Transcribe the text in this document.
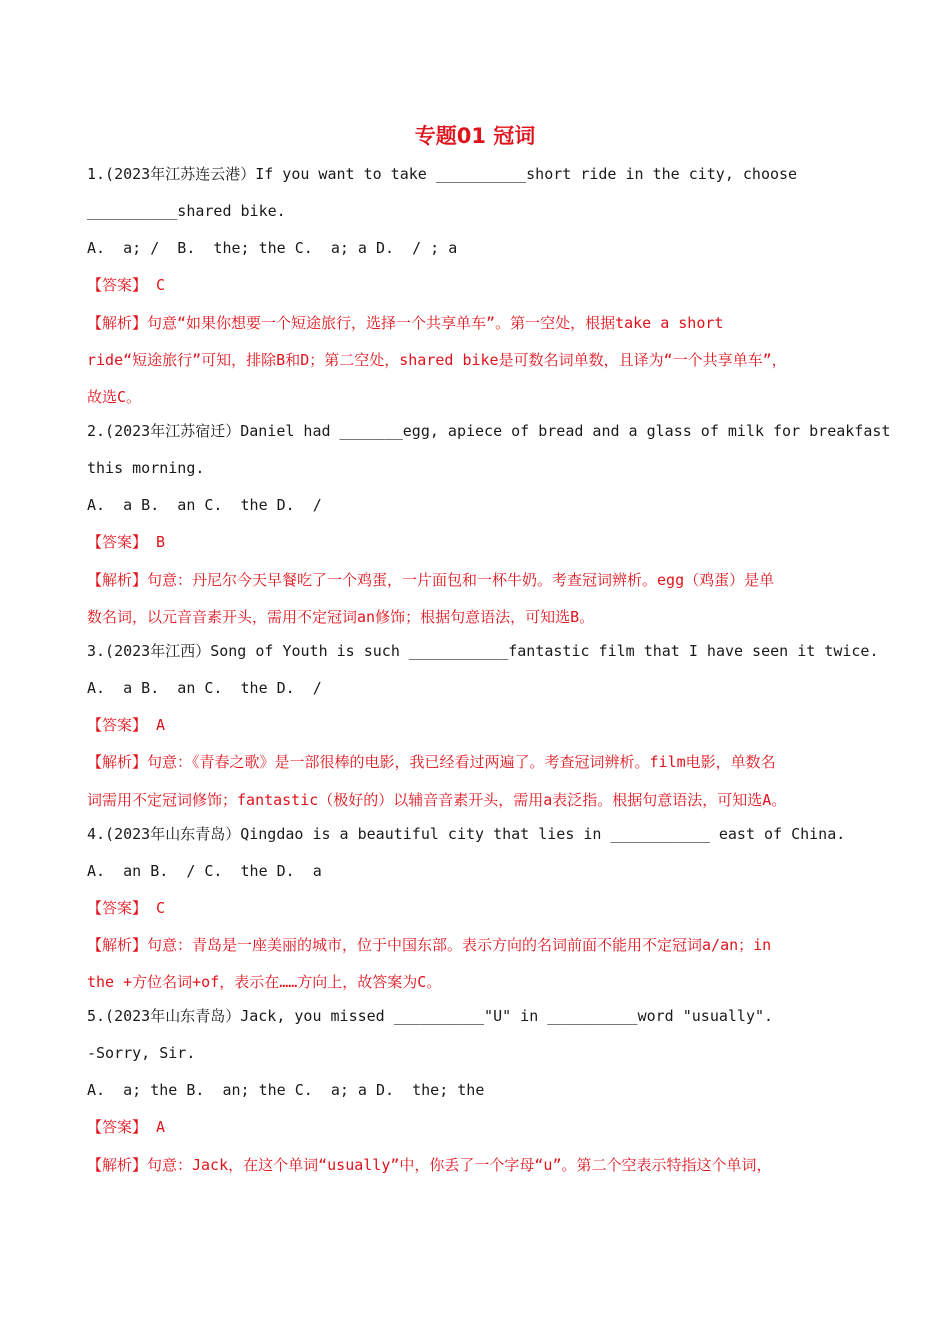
专题01 冠词
1.(2023年江苏连云港）If you want to take __________short ride in the city, choose
__________shared bike.
A.  a; /  B.  the; the C.  a; a D.  / ; a
【答案】 C
【解析】句意“如果你想要一个短途旅行，选择一个共享单车”。第一空处，根据take a short
ride“短途旅行”可知，排除B和D；第二空处，shared bike是可数名词单数，且译为“一个共享单车”，
故选C。
2.(2023年江苏宿迁）Daniel had _______egg, apiece of bread and a glass of milk for breakfast
this morning.
A.  a B.  an C.  the D.  /
【答案】 B
【解析】句意：丹尼尔今天早餐吃了一个鸡蛋，一片面包和一杯牛奶。考查冠词辨析。egg（鸡蛋）是单
数名词，以元音音素开头，需用不定冠词an修饰；根据句意语法，可知选B。
3.(2023年江西）Song of Youth is such ___________fantastic film that I have seen it twice.
A.  a B.  an C.  the D.  /
【答案】 A
【解析】句意：《青春之歌》是一部很棒的电影，我已经看过两遍了。考查冠词辨析。film电影，单数名
词需用不定冠词修饰；fantastic（极好的）以辅音音素开头，需用a表泛指。根据句意语法，可知选A。
4.(2023年山东青岛）Qingdao is a beautiful city that lies in ___________ east of China.
A.  an B.  / C.  the D.  a
【答案】 C
【解析】句意：青岛是一座美丽的城市，位于中国东部。表示方向的名词前面不能用不定冠词a/an；in
the +方位名词+of，表示在……方向上，故答案为C。
5.(2023年山东青岛）Jack, you missed __________"U" in __________word "usually".
-Sorry, Sir.
A.  a; the B.  an; the C.  a; a D.  the; the
【答案】 A
【解析】句意：Jack，在这个单词“usually”中，你丢了一个字母“u”。第二个空表示特指这个单词，
